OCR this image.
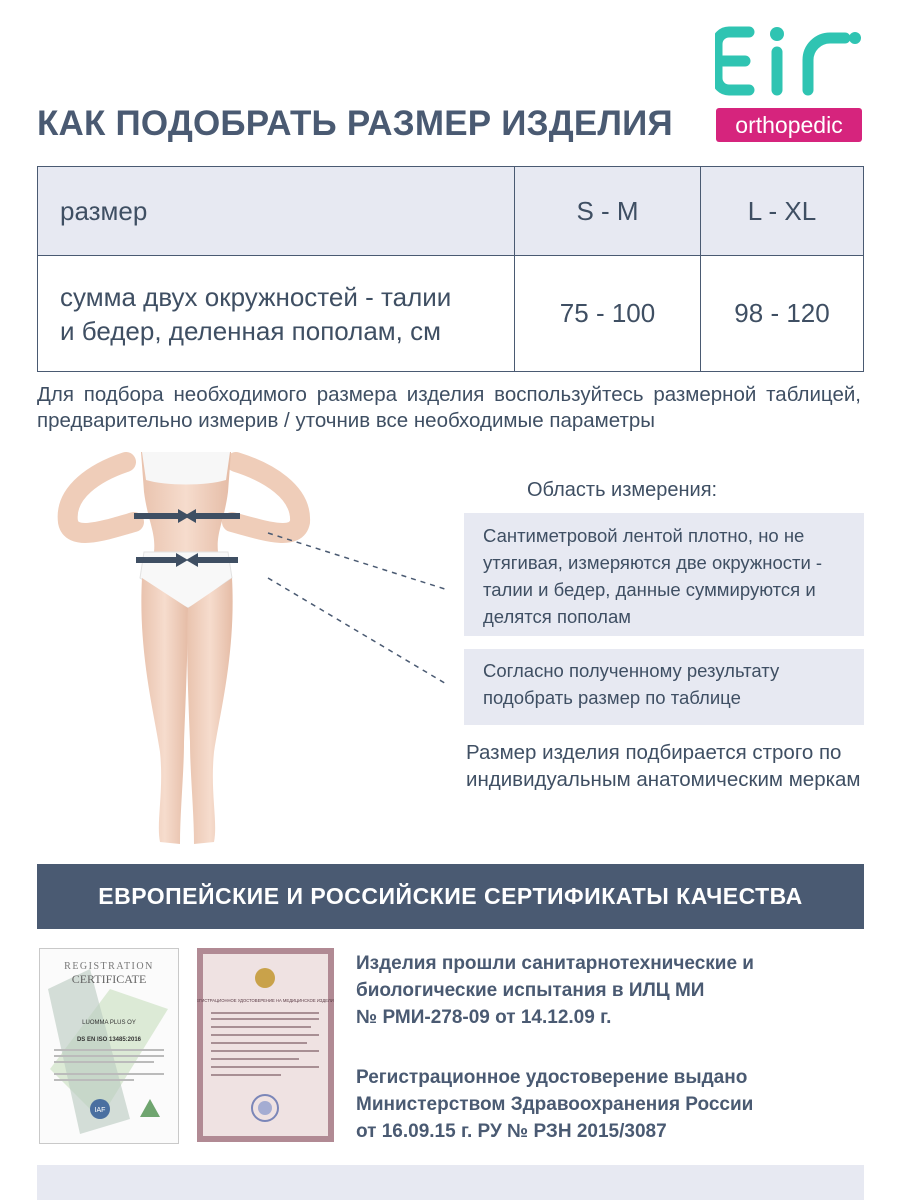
КАК ПОДОБРАТЬ РАЗМЕР ИЗДЕЛИЯ	orthopedic
размер	S - M	L - XL

сумма двух окружностей - талии
и бедер, деленная пополам, см	75 - 100	98 - 120
Для подбора необходимого размера изделия воспользуйтесь размерной таблицей, предварительно измерив / уточнив все необходимые параметры
Область измерения:
Сантиметровой лентой плотно, но не утягивая, измеряются две окружности - талии и бедер, данные суммируются и делятся пополам
Согласно полученному результату подобрать размер по таблице
Размер изделия подбирается строго по индивидуальным анатомическим меркам
ЕВРОПЕЙСКИЕ И РОССИЙСКИЕ СЕРТИФИКАТЫ КАЧЕСТВА
REGISTRATION
CERTIFICATE
LUOMMA PLUS OY
DS EN ISO 13485:2016
IAF
РЕГИСТРАЦИОННОЕ УДОСТОВЕРЕНИЕ НА МЕДИЦИНСКОЕ ИЗДЕЛИЕ
Изделия прошли санитарнотехнические и
биологические испытания в ИЛЦ МИ
№ РМИ-278-09 от 14.12.09 г.
Регистрационное удостоверение выдано
Министерством Здравоохранения России
от 16.09.15 г. РУ № РЗН 2015/3087
